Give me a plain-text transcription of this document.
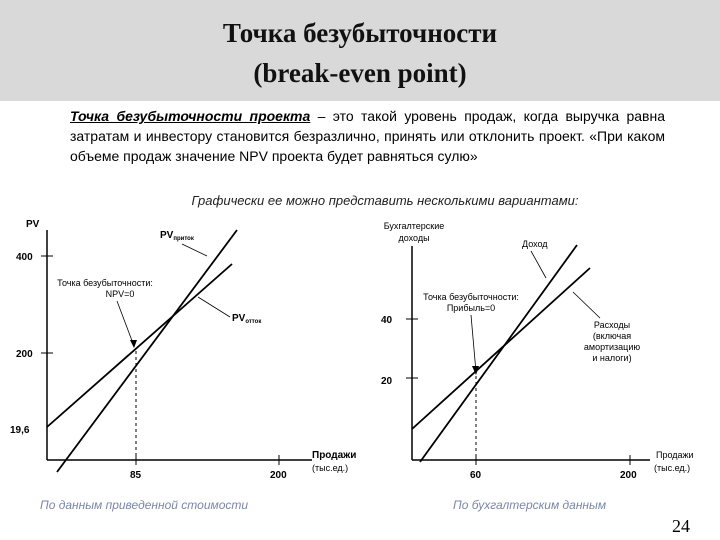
Точка безубыточности
(break-even point)
Точка безубыточности проекта – это такой уровень продаж, когда выручка равна затратам и инвестору становится безразлично, принять или отклонить проект. «При каком объеме продаж значение NPV проекта будет равняться сулю»
Графически ее можно представить несколькими вариантами:
PV
400
200
19,6
85	200
Продажи
(тыс.ед.)
$PV_{приток}$
$PV_{отток}$
Точка безубыточности:
NPV=0
Бухгалтерские
доходы
40
20
60	200
Продажи
(тыс.ед.)
Доход
Расходы
(включая
амортизацию
и налоги)
Точка безубыточности:
Прибыль=0
По данным приведенной стоимости	По бухгалтерским данным
24
